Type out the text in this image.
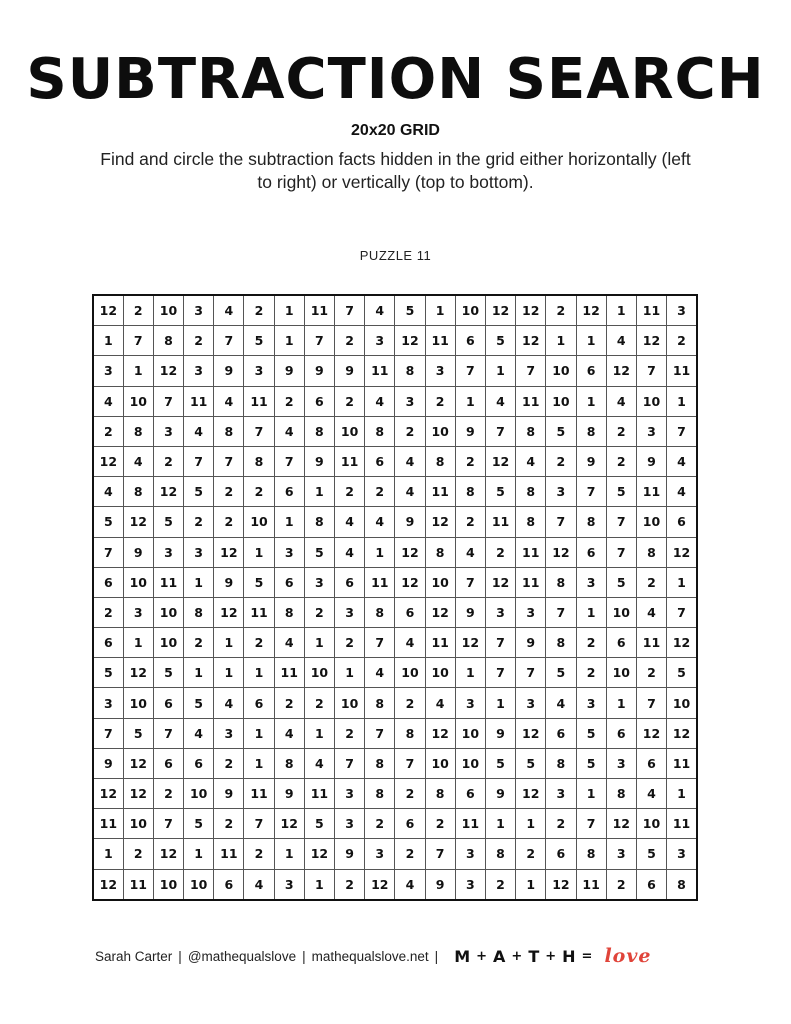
SUBTRACTION SEARCH
20x20 GRID
Find and circle the subtraction facts hidden in the grid either horizontally (left to right) or vertically (top to bottom).
PUZZLE 11
12	2	10	3	4	2	1	11	7	4	5	1	10	12	12	2	12	1	11	3
1	7	8	2	7	5	1	7	2	3	12	11	6	5	12	1	1	4	12	2
3	1	12	3	9	3	9	9	9	11	8	3	7	1	7	10	6	12	7	11
4	10	7	11	4	11	2	6	2	4	3	2	1	4	11	10	1	4	10	1
2	8	3	4	8	7	4	8	10	8	2	10	9	7	8	5	8	2	3	7
12	4	2	7	7	8	7	9	11	6	4	8	2	12	4	2	9	2	9	4
4	8	12	5	2	2	6	1	2	2	4	11	8	5	8	3	7	5	11	4
5	12	5	2	2	10	1	8	4	4	9	12	2	11	8	7	8	7	10	6
7	9	3	3	12	1	3	5	4	1	12	8	4	2	11	12	6	7	8	12
6	10	11	1	9	5	6	3	6	11	12	10	7	12	11	8	3	5	2	1
2	3	10	8	12	11	8	2	3	8	6	12	9	3	3	7	1	10	4	7
6	1	10	2	1	2	4	1	2	7	4	11	12	7	9	8	2	6	11	12
5	12	5	1	1	1	11	10	1	4	10	10	1	7	7	5	2	10	2	5
3	10	6	5	4	6	2	2	10	8	2	4	3	1	3	4	3	1	7	10
7	5	7	4	3	1	4	1	2	7	8	12	10	9	12	6	5	6	12	12
9	12	6	6	2	1	8	4	7	8	7	10	10	5	5	8	5	3	6	11
12	12	2	10	9	11	9	11	3	8	2	8	6	9	12	3	1	8	4	1
11	10	7	5	2	7	12	5	3	2	6	2	11	1	1	2	7	12	10	11
1	2	12	1	11	2	1	12	9	3	2	7	3	8	2	6	8	3	5	3
12	11	10	10	6	4	3	1	2	12	4	9	3	2	1	12	11	2	6	8
Sarah Carter | @mathequalslove | mathequalslove.net | M + A + T + H = love
